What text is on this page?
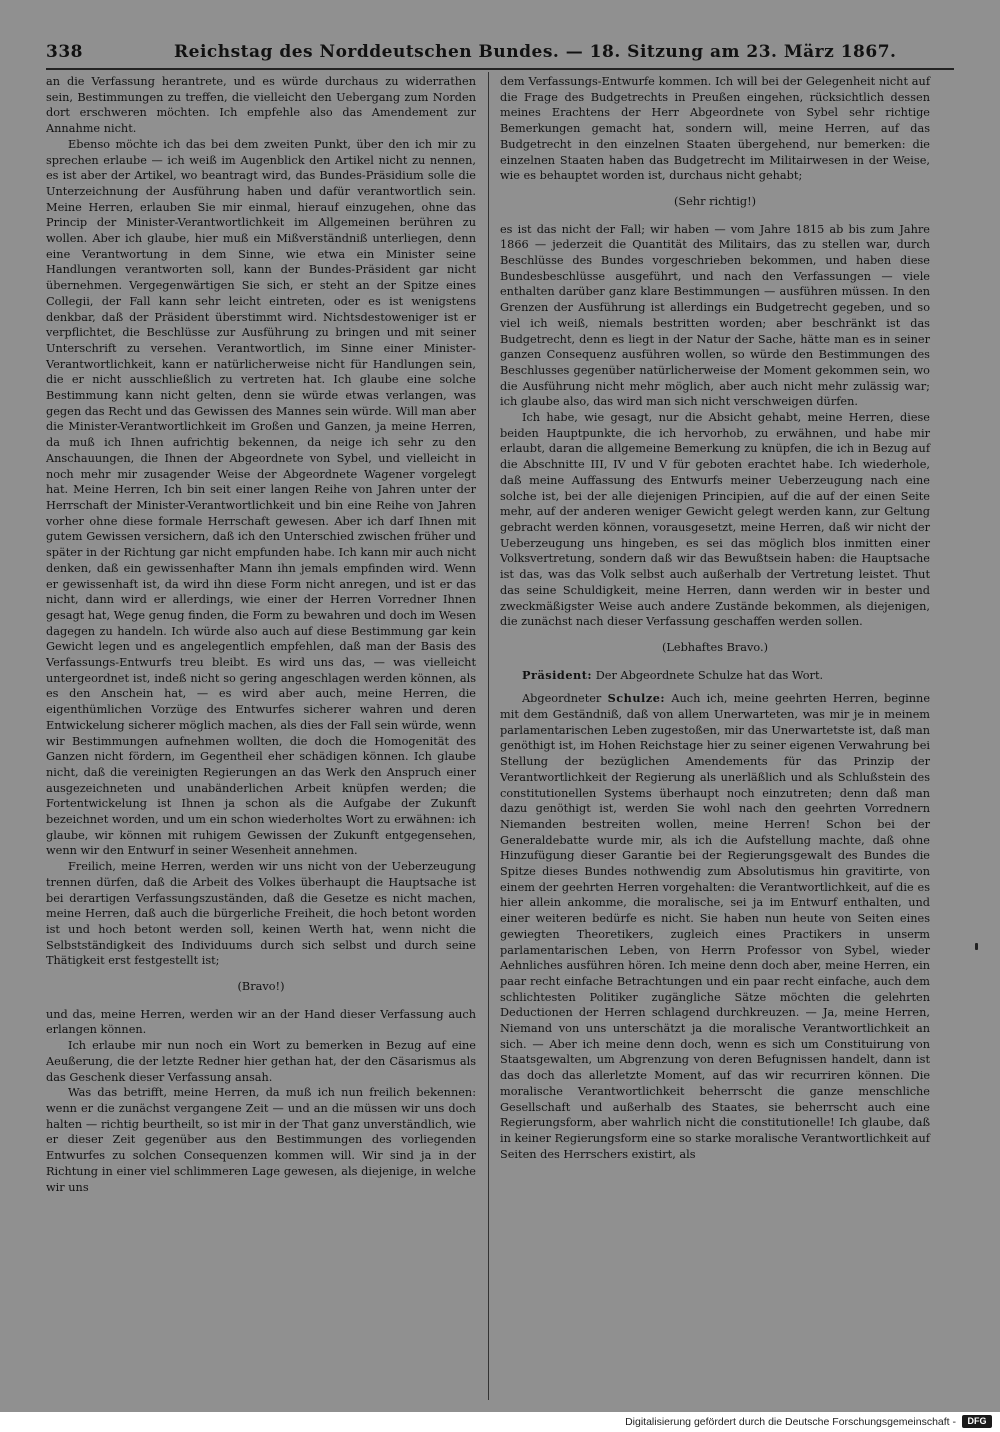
338	Reichstag des Norddeutschen Bundes. — 18. Sitzung am 23. März 1867.

an die Verfassung herantrete, und es würde durchaus zu widerrathen sein, Bestimmungen zu treffen, die vielleicht den Uebergang zum Norden dort erschweren möchten. Ich empfehle also das Amendement zur Annahme nicht.

Ebenso möchte ich das bei dem zweiten Punkt, über den ich mir zu sprechen erlaube — ich weiß im Augenblick den Artikel nicht zu nennen, es ist aber der Artikel, wo beantragt wird, das Bundes-Präsidium solle die Unterzeichnung der Ausführung haben und dafür verantwortlich sein. Meine Herren, erlauben Sie mir einmal, hierauf einzugehen, ohne das Princip der Minister-Verantwortlichkeit im Allgemeinen berühren zu wollen. Aber ich glaube, hier muß ein Mißverständniß unterliegen, denn eine Verantwortung in dem Sinne, wie etwa ein Minister seine Handlungen verantworten soll, kann der Bundes-Präsident gar nicht übernehmen. Vergegenwärtigen Sie sich, er steht an der Spitze eines Collegii, der Fall kann sehr leicht eintreten, oder es ist wenigstens denkbar, daß der Präsident überstimmt wird. Nichtsdestoweniger ist er verpflichtet, die Beschlüsse zur Ausführung zu bringen und mit seiner Unterschrift zu versehen. Verantwortlich, im Sinne einer Minister-Verantwortlichkeit, kann er natürlicherweise nicht für Handlungen sein, die er nicht ausschließlich zu vertreten hat. Ich glaube eine solche Bestimmung kann nicht gelten, denn sie würde etwas verlangen, was gegen das Recht und das Gewissen des Mannes sein würde. Will man aber die Minister-Verantwortlichkeit im Großen und Ganzen, ja meine Herren, da muß ich Ihnen aufrichtig bekennen, da neige ich sehr zu den Anschauungen, die Ihnen der Abgeordnete von Sybel, und vielleicht in noch mehr mir zusagender Weise der Abgeordnete Wagener vorgelegt hat. Meine Herren, Ich bin seit einer langen Reihe von Jahren unter der Herrschaft der Minister-Verantwortlichkeit und bin eine Reihe von Jahren vorher ohne diese formale Herrschaft gewesen. Aber ich darf Ihnen mit gutem Gewissen versichern, daß ich den Unterschied zwischen früher und später in der Richtung gar nicht empfunden habe. Ich kann mir auch nicht denken, daß ein gewissenhafter Mann ihn jemals empfinden wird. Wenn er gewissenhaft ist, da wird ihn diese Form nicht anregen, und ist er das nicht, dann wird er allerdings, wie einer der Herren Vorredner Ihnen gesagt hat, Wege genug finden, die Form zu bewahren und doch im Wesen dagegen zu handeln. Ich würde also auch auf diese Bestimmung gar kein Gewicht legen und es angelegentlich empfehlen, daß man der Basis des Verfassungs-Entwurfs treu bleibt. Es wird uns das, — was vielleicht untergeordnet ist, indeß nicht so gering angeschlagen werden können, als es den Anschein hat, — es wird aber auch, meine Herren, die eigenthümlichen Vorzüge des Entwurfes sicherer wahren und deren Entwickelung sicherer möglich machen, als dies der Fall sein würde, wenn wir Bestimmungen aufnehmen wollten, die doch die Homogenität des Ganzen nicht fördern, im Gegentheil eher schädigen können. Ich glaube nicht, daß die vereinigten Regierungen an das Werk den Anspruch einer ausgezeichneten und unabänderlichen Arbeit knüpfen werden; die Fortentwickelung ist Ihnen ja schon als die Aufgabe der Zukunft bezeichnet worden, und um ein schon wiederholtes Wort zu erwähnen: ich glaube, wir können mit ruhigem Gewissen der Zukunft entgegensehen, wenn wir den Entwurf in seiner Wesenheit annehmen.

Freilich, meine Herren, werden wir uns nicht von der Ueberzeugung trennen dürfen, daß die Arbeit des Volkes überhaupt die Hauptsache ist bei derartigen Verfassungszuständen, daß die Gesetze es nicht machen, meine Herren, daß auch die bürgerliche Freiheit, die hoch betont worden ist und hoch betont werden soll, keinen Werth hat, wenn nicht die Selbstständigkeit des Individuums durch sich selbst und durch seine Thätigkeit erst festgestellt ist;

(Bravo!)

und das, meine Herren, werden wir an der Hand dieser Verfassung auch erlangen können.

Ich erlaube mir nun noch ein Wort zu bemerken in Bezug auf eine Aeußerung, die der letzte Redner hier gethan hat, der den Cäsarismus als das Geschenk dieser Verfassung ansah.

Was das betrifft, meine Herren, da muß ich nun freilich bekennen: wenn er die zunächst vergangene Zeit — und an die müssen wir uns doch halten — richtig beurtheilt, so ist mir in der That ganz unverständlich, wie er dieser Zeit gegenüber aus den Bestimmungen des vorliegenden Entwurfes zu solchen Consequenzen kommen will. Wir sind ja in der Richtung in einer viel schlimmeren Lage gewesen, als diejenige, in welche wir uns

dem Verfassungs-Entwurfe kommen. Ich will bei der Gelegenheit nicht auf die Frage des Budgetrechts in Preußen eingehen, rücksichtlich dessen meines Erachtens der Herr Abgeordnete von Sybel sehr richtige Bemerkungen gemacht hat, sondern will, meine Herren, auf das Budgetrecht in den einzelnen Staaten übergehend, nur bemerken: die einzelnen Staaten haben das Budgetrecht im Militairwesen in der Weise, wie es behauptet worden ist, durchaus nicht gehabt;

(Sehr richtig!)

es ist das nicht der Fall; wir haben — vom Jahre 1815 ab bis zum Jahre 1866 — jederzeit die Quantität des Militairs, das zu stellen war, durch Beschlüsse des Bundes vorgeschrieben bekommen, und haben diese Bundesbeschlüsse ausgeführt, und nach den Verfassungen — viele enthalten darüber ganz klare Bestimmungen — ausführen müssen. In den Grenzen der Ausführung ist allerdings ein Budgetrecht gegeben, und so viel ich weiß, niemals bestritten worden; aber beschränkt ist das Budgetrecht, denn es liegt in der Natur der Sache, hätte man es in seiner ganzen Consequenz ausführen wollen, so würde den Bestimmungen des Beschlusses gegenüber natürlicherweise der Moment gekommen sein, wo die Ausführung nicht mehr möglich, aber auch nicht mehr zulässig war; ich glaube also, das wird man sich nicht verschweigen dürfen.

Ich habe, wie gesagt, nur die Absicht gehabt, meine Herren, diese beiden Hauptpunkte, die ich hervorhob, zu erwähnen, und habe mir erlaubt, daran die allgemeine Bemerkung zu knüpfen, die ich in Bezug auf die Abschnitte III, IV und V für geboten erachtet habe. Ich wiederhole, daß meine Auffassung des Entwurfs meiner Ueberzeugung nach eine solche ist, bei der alle diejenigen Principien, auf die auf der einen Seite mehr, auf der anderen weniger Gewicht gelegt werden kann, zur Geltung gebracht werden können, vorausgesetzt, meine Herren, daß wir nicht der Ueberzeugung uns hingeben, es sei das möglich blos inmitten einer Volksvertretung, sondern daß wir das Bewußtsein haben: die Hauptsache ist das, was das Volk selbst auch außerhalb der Vertretung leistet. Thut das seine Schuldigkeit, meine Herren, dann werden wir in bester und zweckmäßigster Weise auch andere Zustände bekommen, als diejenigen, die zunächst nach dieser Verfassung geschaffen werden sollen.

(Lebhaftes Bravo.)

Präsident: Der Abgeordnete Schulze hat das Wort.

Abgeordneter Schulze: Auch ich, meine geehrten Herren, beginne mit dem Geständniß, daß von allem Unerwarteten, was mir je in meinem parlamentarischen Leben zugestoßen, mir das Unerwartetste ist, daß man genöthigt ist, im Hohen Reichstage hier zu seiner eigenen Verwahrung bei Stellung der bezüglichen Amendements für das Prinzip der Verantwortlichkeit der Regierung als unerläßlich und als Schlußstein des constitutionellen Systems überhaupt noch einzutreten; denn daß man dazu genöthigt ist, werden Sie wohl nach den geehrten Vorrednern Niemanden bestreiten wollen, meine Herren! Schon bei der Generaldebatte wurde mir, als ich die Aufstellung machte, daß ohne Hinzufügung dieser Garantie bei der Regierungsgewalt des Bundes die Spitze dieses Bundes nothwendig zum Absolutismus hin gravitirte, von einem der geehrten Herren vorgehalten: die Verantwortlichkeit, auf die es hier allein ankomme, die moralische, sei ja im Entwurf enthalten, und einer weiteren bedürfe es nicht. Sie haben nun heute von Seiten eines gewiegten Theoretikers, zugleich eines Practikers in unserm parlamentarischen Leben, von Herrn Professor von Sybel, wieder Aehnliches ausführen hören. Ich meine denn doch aber, meine Herren, ein paar recht einfache Betrachtungen und ein paar recht einfache, auch dem schlichtesten Politiker zugängliche Sätze möchten die gelehrten Deductionen der Herren schlagend durchkreuzen. — Ja, meine Herren, Niemand von uns unterschätzt ja die moralische Verantwortlichkeit an sich. — Aber ich meine denn doch, wenn es sich um Constituirung von Staatsgewalten, um Abgrenzung von deren Befugnissen handelt, dann ist das doch das allerletzte Moment, auf das wir recurriren können. Die moralische Verantwortlichkeit beherrscht die ganze menschliche Gesellschaft und außerhalb des Staates, sie beherrscht auch eine Regierungsform, aber wahrlich nicht die constitutionelle! Ich glaube, daß in keiner Regierungsform eine so starke moralische Verantwortlichkeit auf Seiten des Herrschers existirt, als

Digitalisierung gefördert durch die Deutsche Forschungsgemeinschaft -	DFG
